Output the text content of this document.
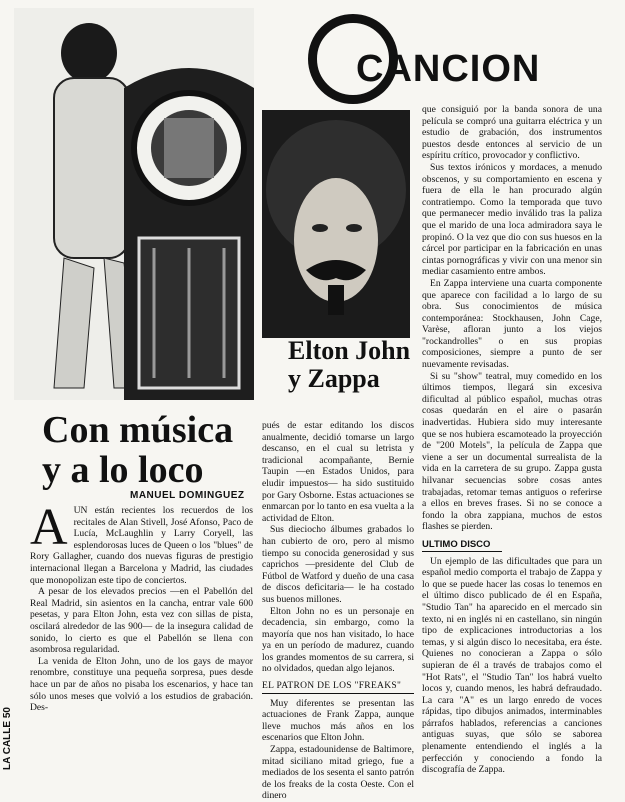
CANCION
Elton John y Zappa
Con música y a lo loco
MANUEL DOMINGUEZ
A UN están recientes los recuerdos de los recitales de Alan Stivell, José Afonso, Paco de Lucía, McLaughlin y Larry Coryell, las esplendorosas luces de Queen o los "blues" de Rory Gallagher, cuando dos nuevas figuras de prestigio internacional llegan a Barcelona y Madrid, las ciudades que monopolizan este tipo de conciertos.

A pesar de los elevados precios —en el Pabellón del Real Madrid, sin asientos en la cancha, entrar vale 600 pesetas, y para Elton John, esta vez con sillas de pista, oscilará alrededor de las 900— de la insegura calidad de sonido, lo cierto es que el Pabellón se llena con asombrosa regularidad.

La venida de Elton John, uno de los gays de mayor renombre, constituye una pequeña sorpresa, pues desde hace un par de años no pisaba los escenarios, y hace tan sólo unos meses que volvió a los estudios de grabación. Des-

pués de estar editando los discos anualmente, decidió tomarse un largo descanso, en el cual su letrista y tradicional acompañante, Bernie Taupin —en Estados Unidos, para eludir impuestos— ha sido sustituido por Gary Osborne. Estas actuaciones se enmarcan por lo tanto en esa vuelta a la actividad de Elton.

Sus dieciocho álbumes grabados lo han cubierto de oro, pero al mismo tiempo su conocida generosidad y sus caprichos —presidente del Club de Fútbol de Watford y dueño de una casa de discos deficitaria— le ha costado sus buenos millones.

Elton John no es un personaje en decadencia, sin embargo, como la mayoría que nos han visitado, lo hace ya en un período de madurez, cuando los grandes momentos de su carrera, si no olvidados, quedan algo lejanos.

EL PATRON DE LOS "FREAKS"

Muy diferentes se presentan las actuaciones de Frank Zappa, aunque lleve muchos más años en los escenarios que Elton John.

Zappa, estadounidense de Baltimore, mitad siciliano mitad griego, fue a mediados de los sesenta el santo patrón de los freaks de la costa Oeste. Con el dinero

que consiguió por la banda sonora de una película se compró una guitarra eléctrica y un estudio de grabación, dos instrumentos puestos desde entonces al servicio de un espíritu crítico, provocador y conflictivo.

Sus textos irónicos y mordaces, a menudo obscenos, y su comportamiento en escena y fuera de ella le han procurado algún contratiempo. Como la temporada que tuvo que permanecer medio inválido tras la paliza que el marido de una loca admiradora saya le propinó. O la vez que dio con sus huesos en la cárcel por participar en la fabricación en unas cintas pornográficas y vivir con una menor sin mediar casamiento entre ambos.

En Zappa interviene una cuarta componente que aparece con facilidad a lo largo de su obra. Sus conocimientos de música contemporánea: Stockhausen, John Cage, Varèse, afloran junto a los viejos "rockandrolles" o en sus propias composiciones, siempre a punto de ser nuevamente revisadas.

Si su "show" teatral, muy comedido en los últimos tiempos, llegará sin excesiva dificultad al público español, muchas otras cosas quedarán en el aire o pasarán inadvertidas. Hubiera sido muy interesante que se nos hubiera escamoteado la proyección de "200 Motels", la película de Zappa que viene a ser un documental surrealista de la vida en la carretera de su grupo. Zappa gusta hilvanar secuencias sobre cosas antes trabajadas, retomar temas antiguos o referirse a ellos en breves frases. Si no se conoce a fondo la obra zappiana, muchos de estos flashes se pierden.

ULTIMO DISCO

Un ejemplo de las dificultades que para un español medio comporta el trabajo de Zappa y lo que se puede hacer las cosas lo tenemos en el último disco publicado de él en España, "Studio Tan" ha aparecido en el mercado sin texto, ni en inglés ni en castellano, sin ningún tipo de explicaciones introductorias a los temas, y si algún disco lo necesitaba, era éste. Quienes no conocieran a Zappa o sólo supieran de él a través de trabajos como el "Hot Rats", el "Studio Tan" los habrá vuelto locos y, cuando menos, les habrá defraudado. La cara "A" es un largo enredo de voces rápidas, tipo dibujos animados, interminables párrafos hablados, referencias a canciones antiguas suyas, que sólo se saborea plenamente entendiendo el inglés a la perfección y conociendo a fondo la discografía de Zappa.

LA CALLE 50
